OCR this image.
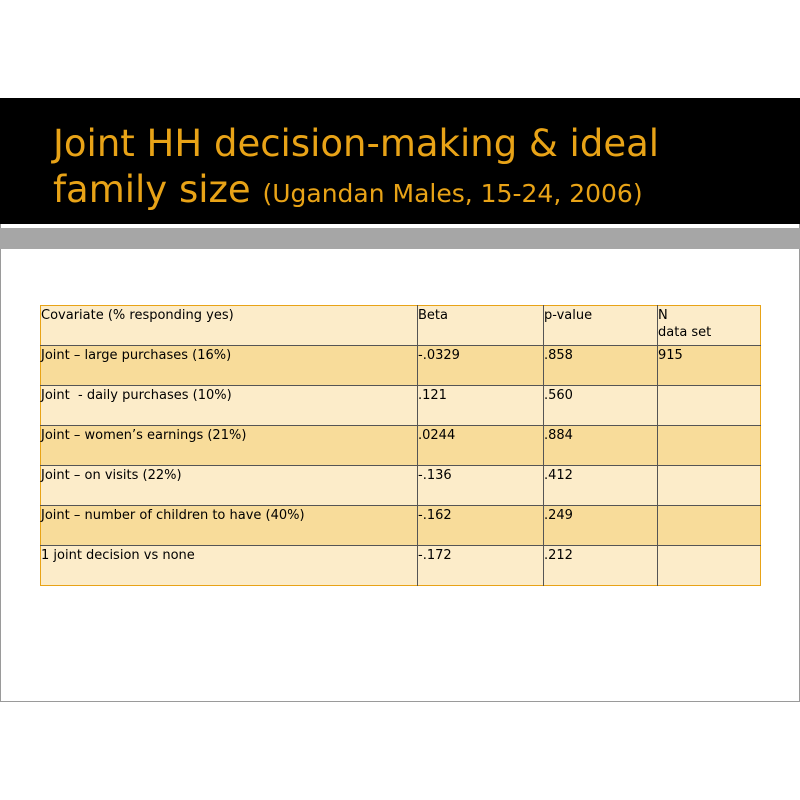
Joint HH decision-making & ideal family size (Ugandan Males, 15-24, 2006)
Covariate (% responding yes)	Beta	p-value	N
data set
Joint – large purchases (16%)	-.0329	.858	915
Joint  - daily purchases (10%)	.121	.560	
Joint – women’s earnings (21%)	.0244	.884	
Joint – on visits (22%)	-.136	.412	
Joint – number of children to have (40%)	-.162	.249	
1 joint decision vs none	-.172	.212	
